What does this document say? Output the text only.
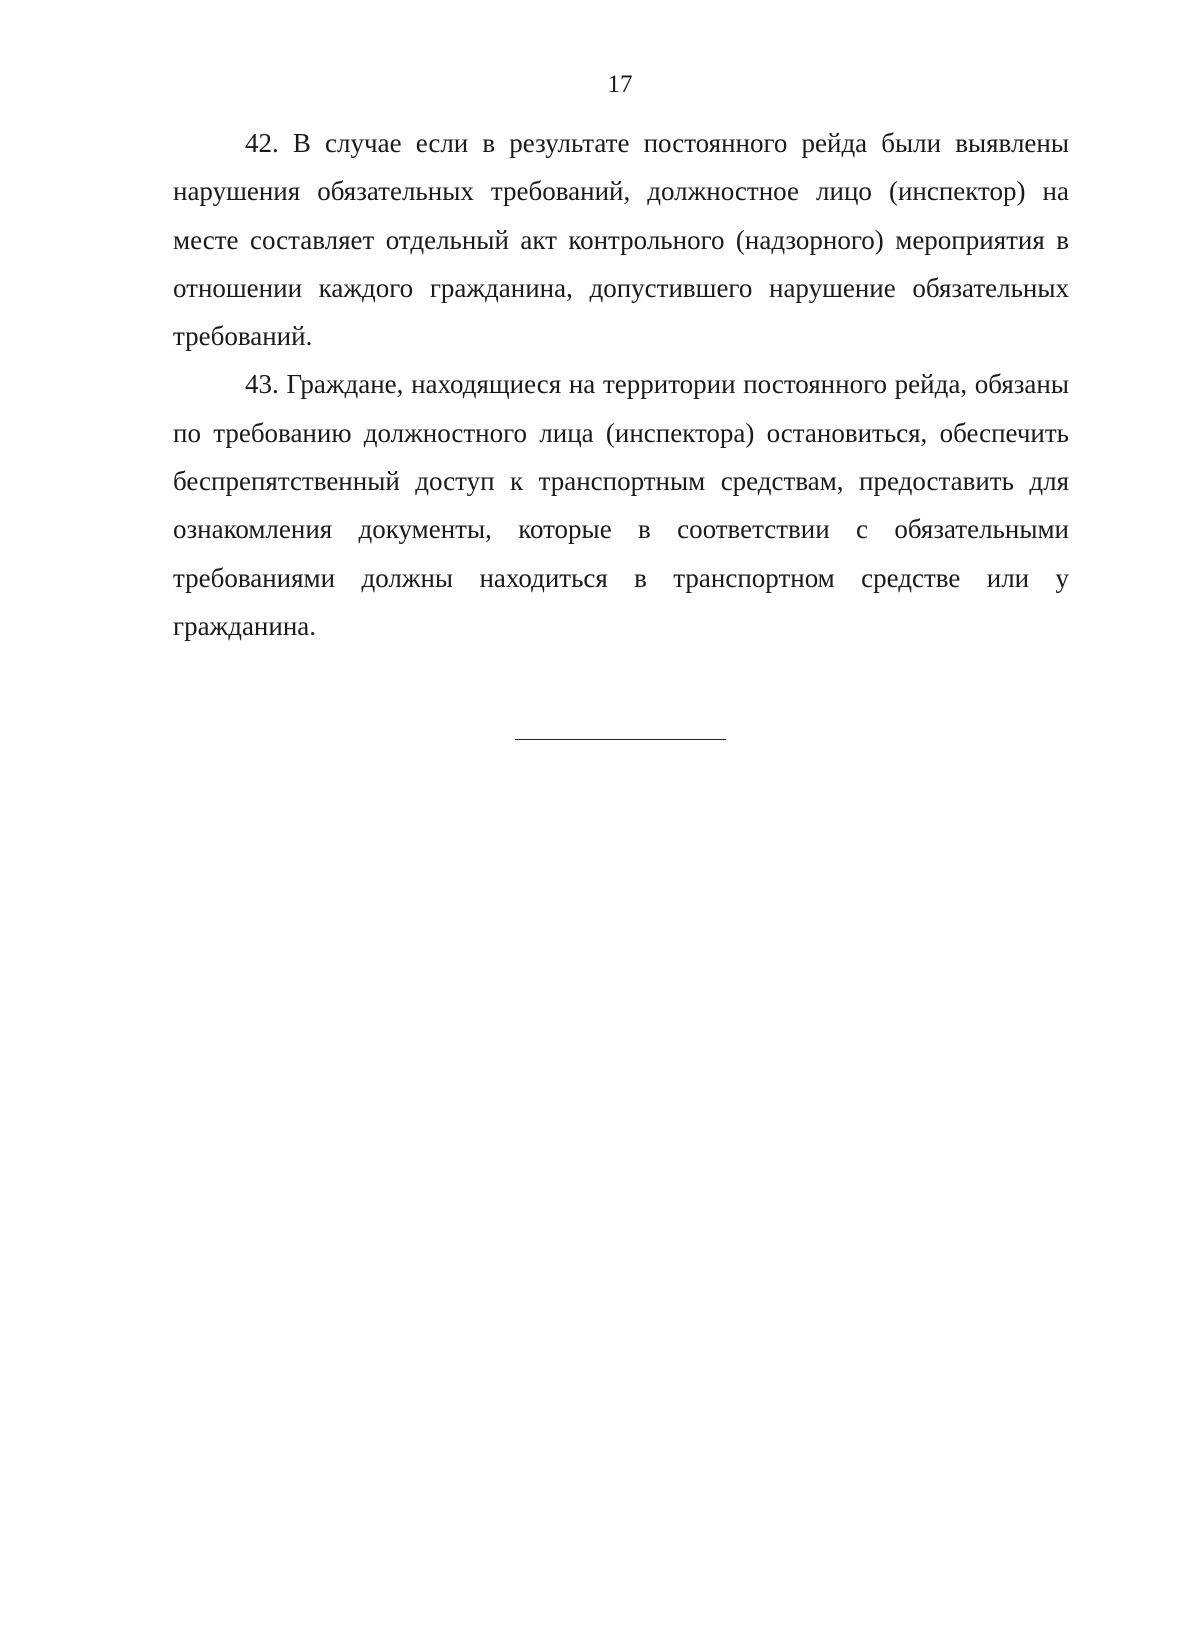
17

42. В случае если в результате постоянного рейда были выявлены нарушения обязательных требований, должностное лицо (инспектор) на месте составляет отдельный акт контрольного (надзорного) мероприятия в отношении каждого гражданина, допустившего нарушение обязательных требований.

43. Граждане, находящиеся на территории постоянного рейда, обязаны по требованию должностного лица (инспектора) остановиться, обеспечить беспрепятственный доступ к транспортным средствам, предоставить для ознакомления документы, которые в соответствии с обязательными требованиями должны находиться в транспортном средстве или у гражданина.
